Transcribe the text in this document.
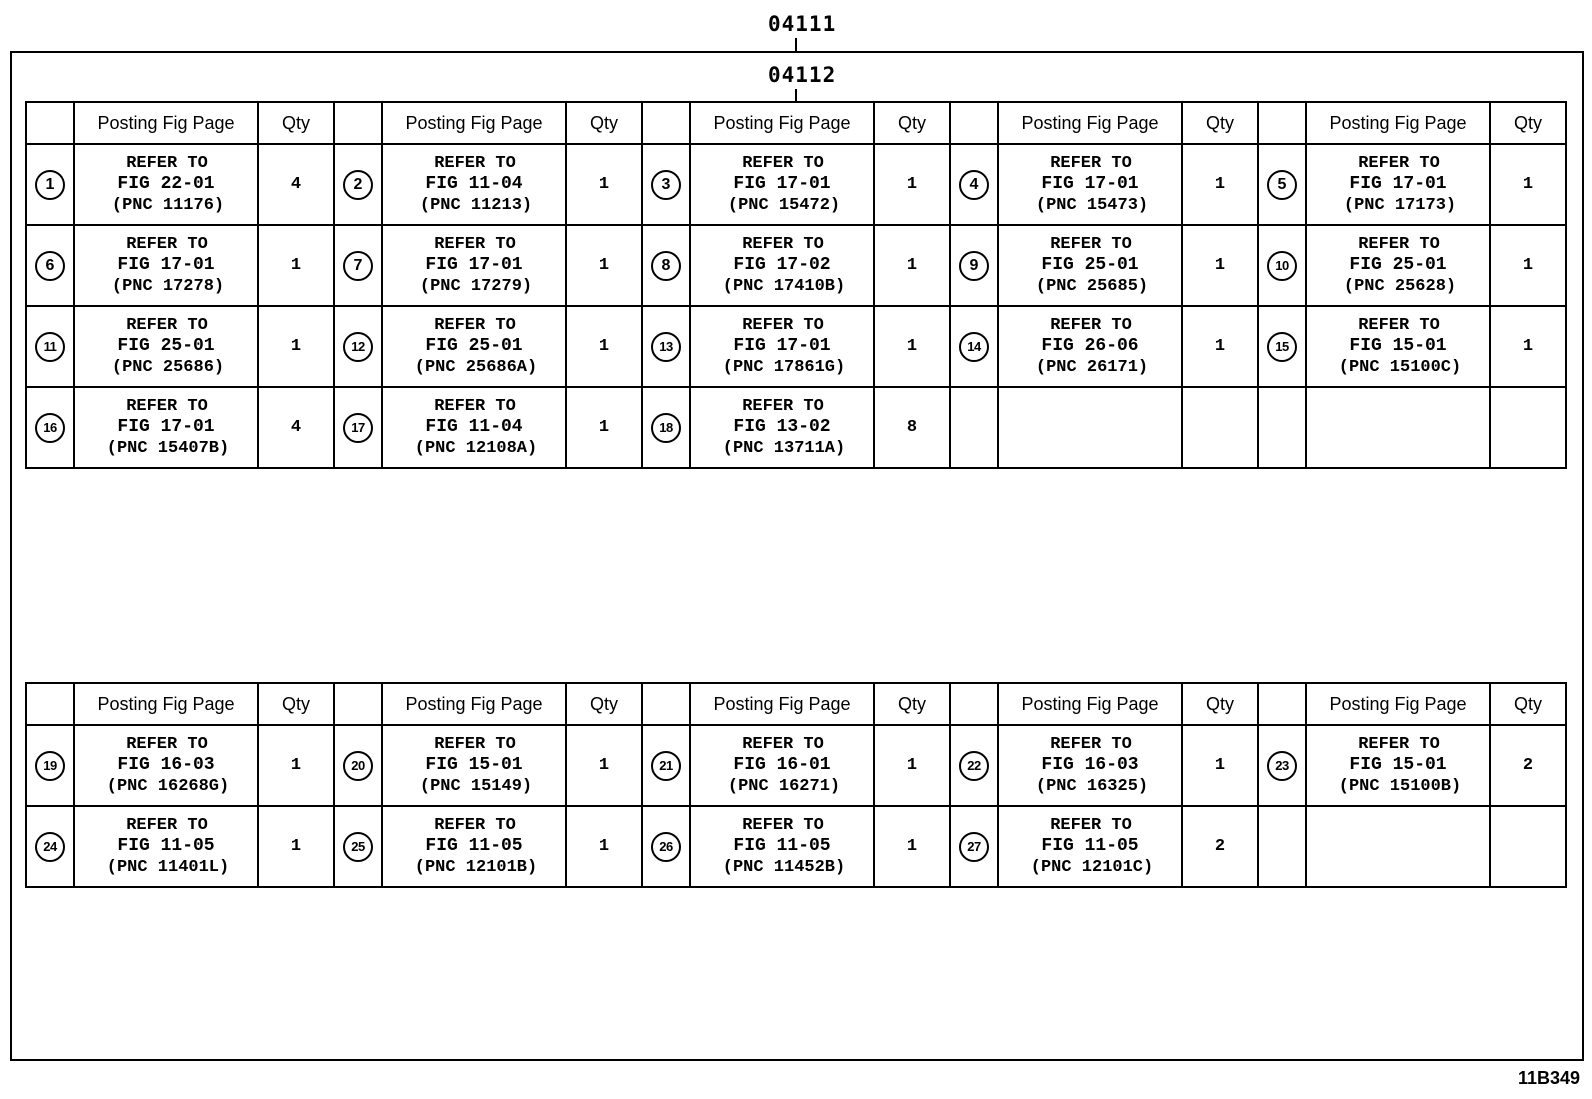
04111
04112
	Posting Fig Page	Qty		Posting Fig Page	Qty		Posting Fig Page	Qty		Posting Fig Page	Qty		Posting Fig Page	Qty
1	REFER TO
FIG 22-01
(PNC 11176)	4	2	REFER TO
FIG 11-04
(PNC 11213)	1	3	REFER TO
FIG 17-01
(PNC 15472)	1	4	REFER TO
FIG 17-01
(PNC 15473)	1	5	REFER TO
FIG 17-01
(PNC 17173)	1
6	REFER TO
FIG 17-01
(PNC 17278)	1	7	REFER TO
FIG 17-01
(PNC 17279)	1	8	REFER TO
FIG 17-02
(PNC 17410B)	1	9	REFER TO
FIG 25-01
(PNC 25685)	1	10	REFER TO
FIG 25-01
(PNC 25628)	1
11	REFER TO
FIG 25-01
(PNC 25686)	1	12	REFER TO
FIG 25-01
(PNC 25686A)	1	13	REFER TO
FIG 17-01
(PNC 17861G)	1	14	REFER TO
FIG 26-06
(PNC 26171)	1	15	REFER TO
FIG 15-01
(PNC 15100C)	1
16	REFER TO
FIG 17-01
(PNC 15407B)	4	17	REFER TO
FIG 11-04
(PNC 12108A)	1	18	REFER TO
FIG 13-02
(PNC 13711A)	8						
	Posting Fig Page	Qty		Posting Fig Page	Qty		Posting Fig Page	Qty		Posting Fig Page	Qty		Posting Fig Page	Qty
19	REFER TO
FIG 16-03
(PNC 16268G)	1	20	REFER TO
FIG 15-01
(PNC 15149)	1	21	REFER TO
FIG 16-01
(PNC 16271)	1	22	REFER TO
FIG 16-03
(PNC 16325)	1	23	REFER TO
FIG 15-01
(PNC 15100B)	2
24	REFER TO
FIG 11-05
(PNC 11401L)	1	25	REFER TO
FIG 11-05
(PNC 12101B)	1	26	REFER TO
FIG 11-05
(PNC 11452B)	1	27	REFER TO
FIG 11-05
(PNC 12101C)	2			
11B349
